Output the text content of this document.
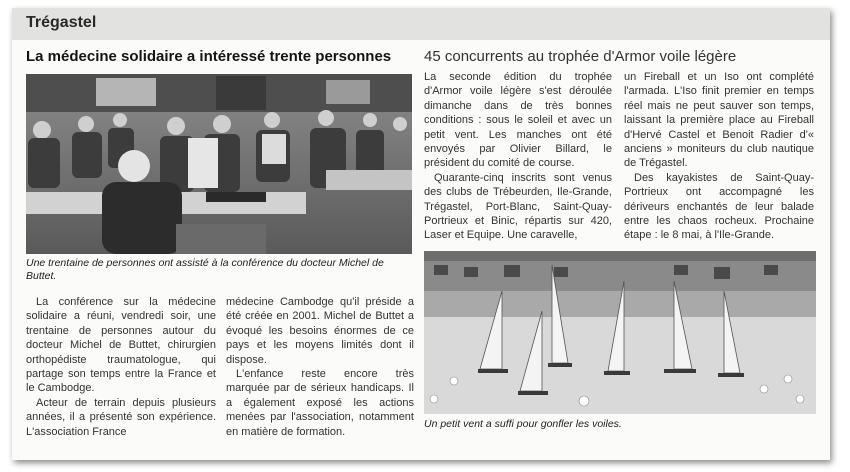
Trégastel
La médecine solidaire a intéressé trente personnes
Une trentaine de personnes ont assisté à la conférence du docteur Michel de Buttet.

La conférence sur la médecine solidaire a réuni, vendredi soir, une trentaine de personnes autour du docteur Michel de Buttet, chirurgien orthopédiste traumatologue, qui partage son temps entre la France et le Cambodge.

Acteur de terrain depuis plusieurs années, il a présenté son expérience. L'association France

médecine Cambodge qu'il préside a été créée en 2001. Michel de Buttet a évoqué les besoins énormes de ce pays et les moyens limités dont il dispose.

L'enfance reste encore très marquée par de sérieux handicaps. Il a également exposé les actions menées par l'association, notamment en matière de formation.

45 concurrents au trophée d'Armor voile légère

La seconde édition du trophée d'Armor voile légère s'est déroulée dimanche dans de très bonnes conditions : sous le soleil et avec un petit vent. Les manches ont été envoyés par Olivier Billard, le président du comité de course.

Quarante-cinq inscrits sont venus des clubs de Trébeurden, Ile-Grande, Trégastel, Port-Blanc, Saint-Quay-Portrieux et Binic, répartis sur 420, Laser et Equipe. Une caravelle,

un Fireball et un Iso ont complété l'armada. L'Iso finit premier en temps réel mais ne peut sauver son temps, laissant la première place au Fireball d'Hervé Castel et Benoit Radier d'« anciens » moniteurs du club nautique de Trégastel.

Des kayakistes de Saint-Quay-Portrieux ont accompagné les dériveurs enchantés de leur balade entre les chaos rocheux. Prochaine étape : le 8 mai, à l'Ile-Grande.

Un petit vent a suffi pour gonfler les voiles.
